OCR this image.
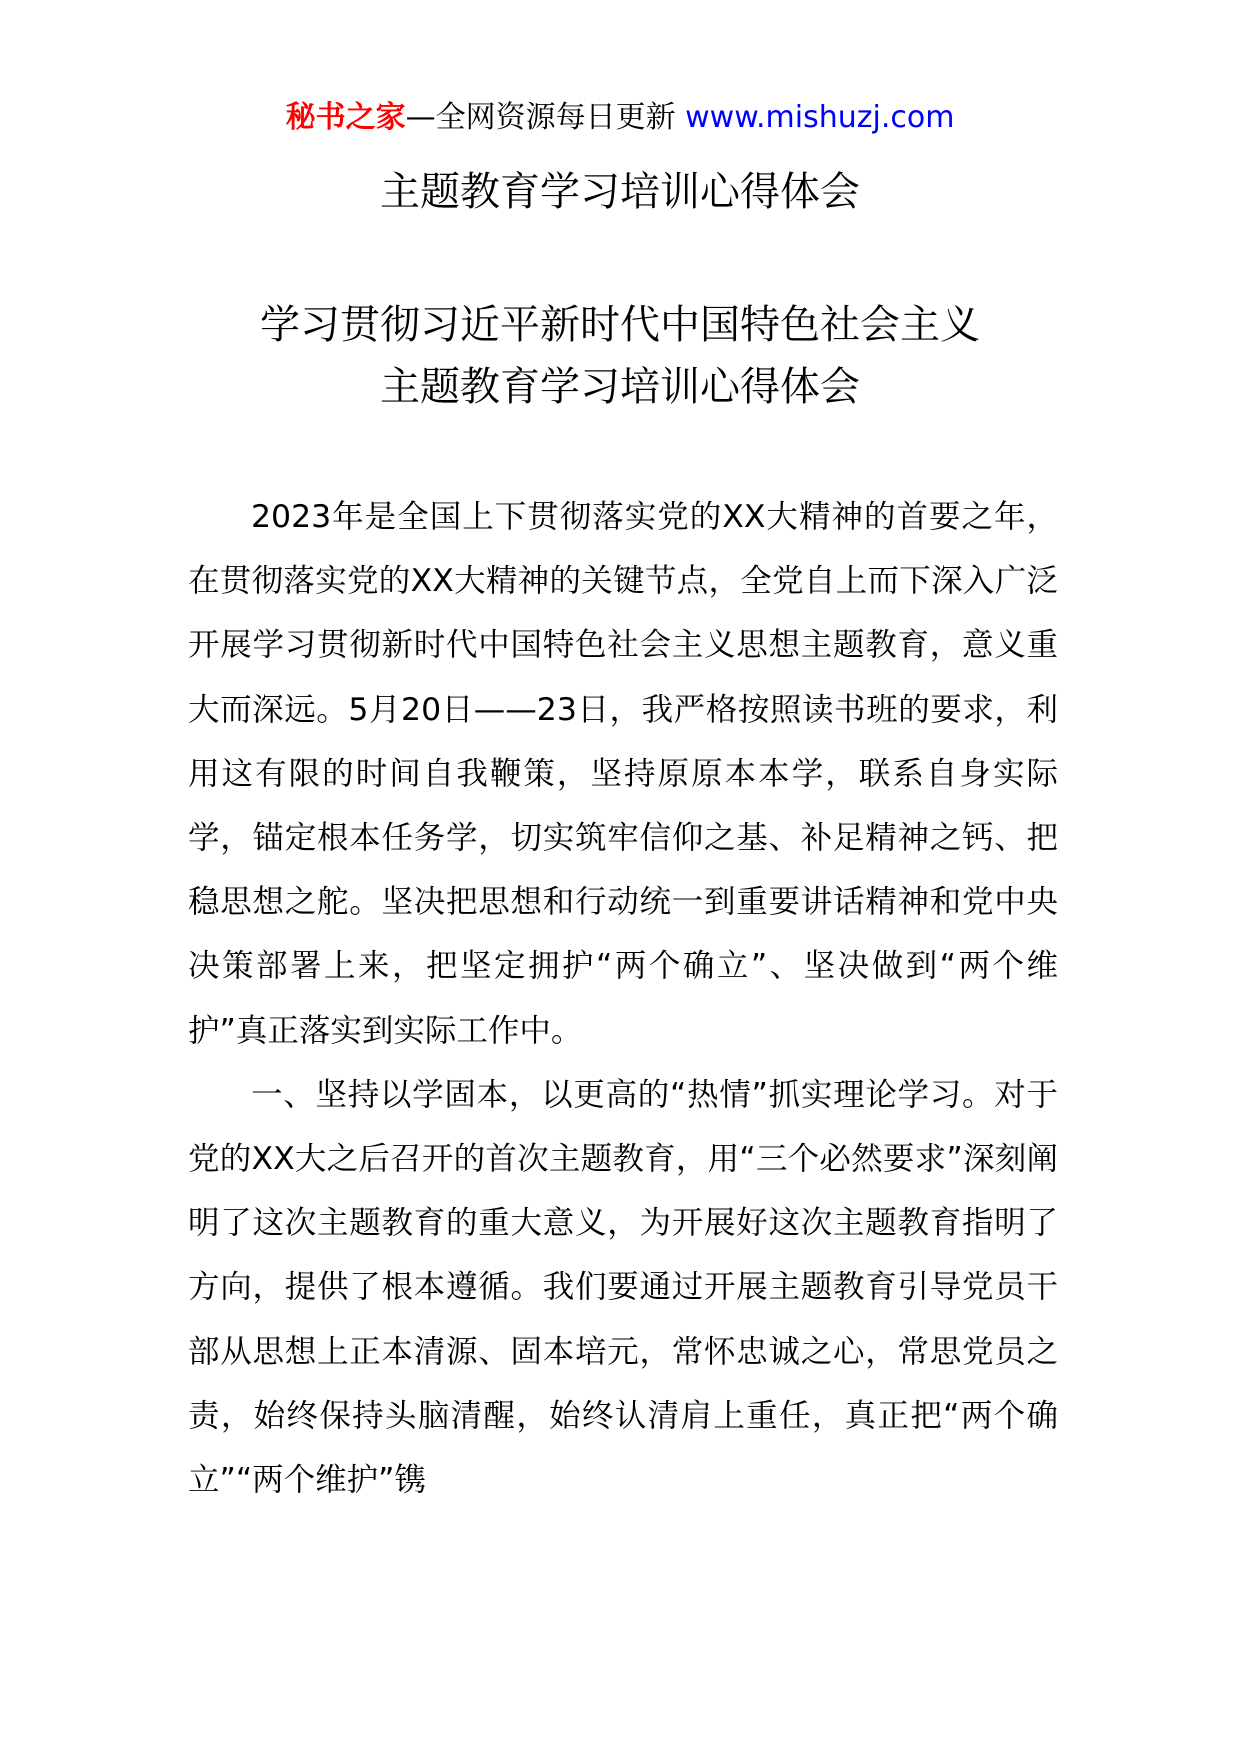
秘书之家—全网资源每日更新 www.mishuzj.com
主题教育学习培训心得体会
学习贯彻习近平新时代中国特色社会主义
主题教育学习培训心得体会

2023年是全国上下贯彻落实党的XX大精神的首要之年，在贯彻落实党的XX大精神的关键节点，全党自上而下深入广泛开展学习贯彻新时代中国特色社会主义思想主题教育，意义重大而深远。5月20日——23日，我严格按照读书班的要求，利用这有限的时间自我鞭策，坚持原原本本学，联系自身实际学，锚定根本任务学，切实筑牢信仰之基、补足精神之钙、把稳思想之舵。坚决把思想和行动统一到重要讲话精神和党中央决策部署上来，把坚定拥护“两个确立”、坚决做到“两个维护”真正落实到实际工作中。

一、坚持以学固本，以更高的“热情”抓实理论学习。对于党的XX大之后召开的首次主题教育，用“三个必然要求”深刻阐明了这次主题教育的重大意义，为开展好这次主题教育指明了方向，提供了根本遵循。我们要通过开展主题教育引导党员干部从思想上正本清源、固本培元，常怀忠诚之心，常思党员之责，始终保持头脑清醒，始终认清肩上重任，真正把“两个确立”“两个维护”镌
